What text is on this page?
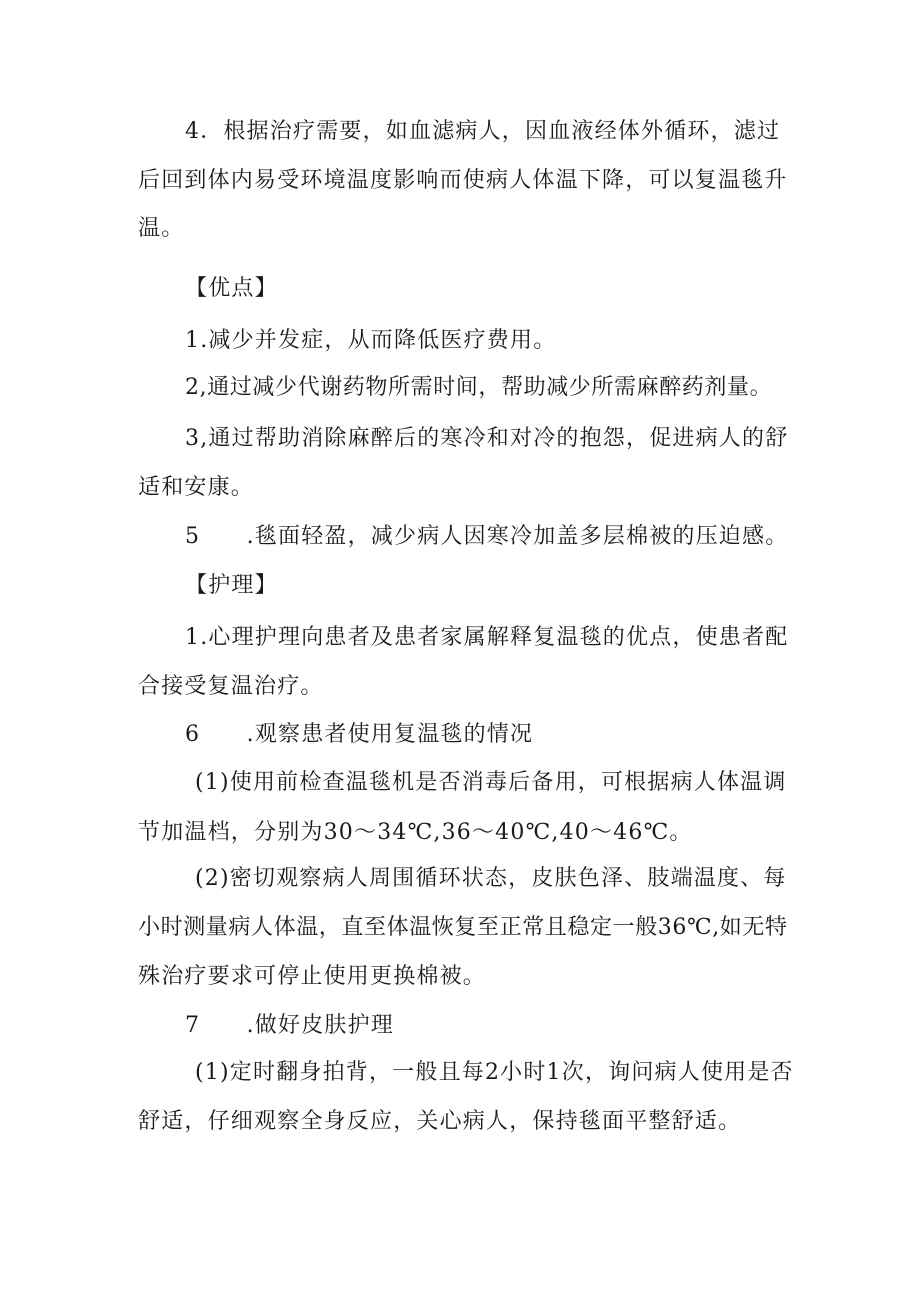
4．根据治疗需要，如血滤病人，因血液经体外循环，滤过
后回到体内易受环境温度影响而使病人体温下降，可以复温毯升
温。
【优点】
1.减少并发症，从而降低医疗费用。
2,通过减少代谢药物所需时间，帮助减少所需麻醉药剂量。
3,通过帮助消除麻醉后的寒冷和对冷的抱怨，促进病人的舒
适和安康。
5　　.毯面轻盈，减少病人因寒冷加盖多层棉被的压迫感。
【护理】
1.心理护理向患者及患者家属解释复温毯的优点，使患者配
合接受复温治疗。
6　　.观察患者使用复温毯的情况
(1)使用前检查温毯机是否消毒后备用，可根据病人体温调
节加温档，分别为30～34℃,36～40℃,40～46℃。
(2)密切观察病人周围循环状态，皮肤色泽、肢端温度、每
小时测量病人体温，直至体温恢复至正常且稳定一般36℃,如无特
殊治疗要求可停止使用更换棉被。
7　　.做好皮肤护理
(1)定时翻身拍背，一般且每2小时1次，询问病人使用是否
舒适，仔细观察全身反应，关心病人，保持毯面平整舒适。
